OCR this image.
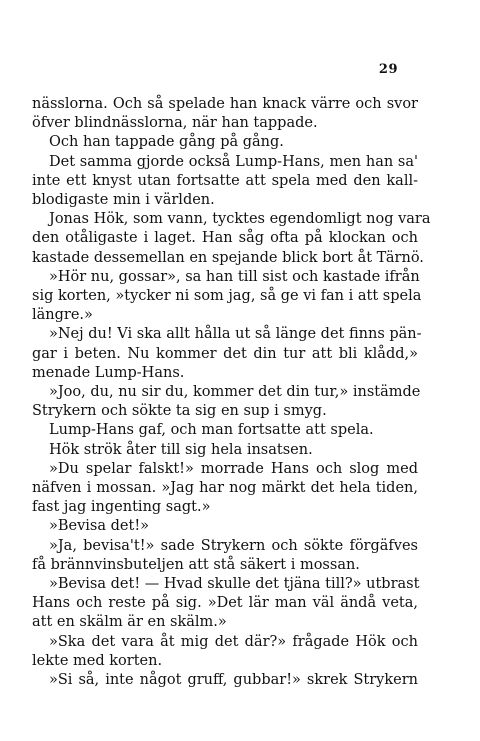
29
nässlorna. Och så spelade han knack värre och svor
öfver blindnässlorna, när han tappade.
Och han tappade gång på gång.
Det samma gjorde också Lump-Hans, men han sa'
inte ett knyst utan fortsatte att spela med den kall-
blodigaste min i världen.
Jonas Hök, som vann, tycktes egendomligt nog vara
den otåligaste i laget. Han såg ofta på klockan och
kastade dessemellan en spejande blick bort åt Tärnö.
»Hör nu, gossar», sa han till sist och kastade ifrån
sig korten, »tycker ni som jag, så ge vi fan i att spela
längre.»
»Nej du! Vi ska allt hålla ut så länge det finns pän-
gar i beten. Nu kommer det din tur att bli klådd,»
menade Lump-Hans.
»Joo, du, nu sir du, kommer det din tur,» instämde
Strykern och sökte ta sig en sup i smyg.
Lump-Hans gaf, och man fortsatte att spela.
Hök strök åter till sig hela insatsen.
»Du spelar falskt!» morrade Hans och slog med
näfven i mossan. »Jag har nog märkt det hela tiden,
fast jag ingenting sagt.»
»Bevisa det!»
»Ja, bevisa't!» sade Strykern och sökte förgäfves
få brännvinsbuteljen att stå säkert i mossan.
»Bevisa det! — Hvad skulle det tjäna till?» utbrast
Hans och reste på sig. »Det lär man väl ändå veta,
att en skälm är en skälm.»
»Ska det vara åt mig det där?» frågade Hök och
lekte med korten.
»Si så, inte något gruff, gubbar!» skrek Strykern
